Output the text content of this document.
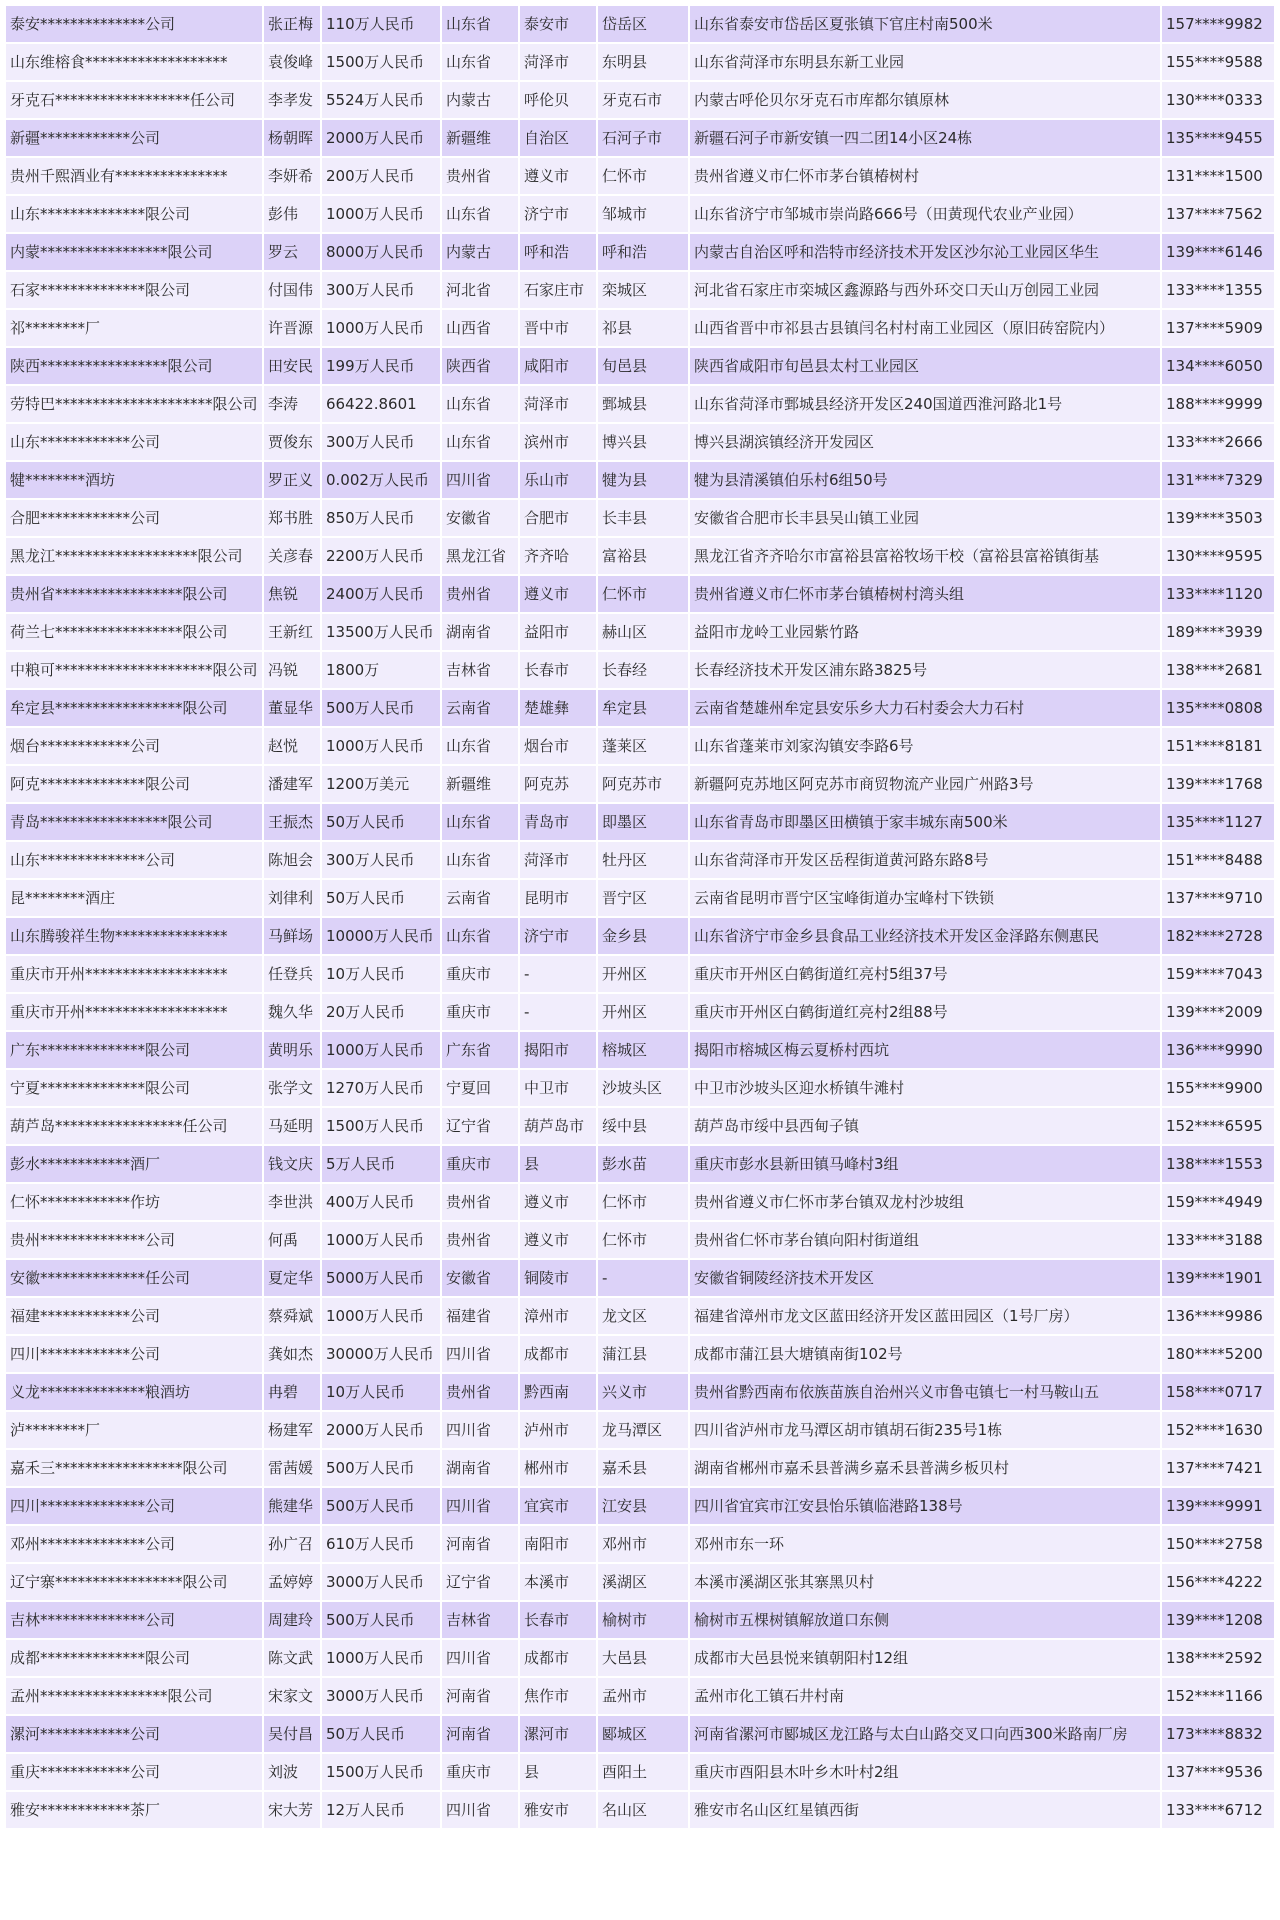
泰安**************公司	张正梅	110万人民币	山东省	泰安市	岱岳区	山东省泰安市岱岳区夏张镇下官庄村南500米	157****9982
山东维榕食*******************	袁俊峰	1500万人民币	山东省	菏泽市	东明县	山东省菏泽市东明县东新工业园	155****9588
牙克石******************任公司	李孝发	5524万人民币	内蒙古	呼伦贝	牙克石市	内蒙古呼伦贝尔牙克石市库都尔镇原林	130****0333
新疆************公司	杨朝晖	2000万人民币	新疆维	自治区	石河子市	新疆石河子市新安镇一四二团14小区24栋	135****9455
贵州千熙酒业有***************	李妍希	200万人民币	贵州省	遵义市	仁怀市	贵州省遵义市仁怀市茅台镇椿树村	131****1500
山东**************限公司	彭伟	1000万人民币	山东省	济宁市	邹城市	山东省济宁市邹城市崇尚路666号（田黄现代农业产业园）	137****7562
内蒙*****************限公司	罗云	8000万人民币	内蒙古	呼和浩	呼和浩	内蒙古自治区呼和浩特市经济技术开发区沙尔沁工业园区华生	139****6146
石家**************限公司	付国伟	300万人民币	河北省	石家庄市	栾城区	河北省石家庄市栾城区鑫源路与西外环交口天山万创园工业园	133****1355
祁********厂	许晋源	1000万人民币	山西省	晋中市	祁县	山西省晋中市祁县古县镇闫名村村南工业园区（原旧砖窑院内）	137****5909
陕西*****************限公司	田安民	199万人民币	陕西省	咸阳市	旬邑县	陕西省咸阳市旬邑县太村工业园区	134****6050
劳特巴*********************限公司	李涛	66422.8601	山东省	菏泽市	鄄城县	山东省菏泽市鄄城县经济开发区240国道西淮河路北1号	188****9999
山东************公司	贾俊东	300万人民币	山东省	滨州市	博兴县	博兴县湖滨镇经济开发园区	133****2666
犍********酒坊	罗正义	0.002万人民币	四川省	乐山市	犍为县	犍为县清溪镇伯乐村6组50号	131****7329
合肥************公司	郑书胜	850万人民币	安徽省	合肥市	长丰县	安徽省合肥市长丰县吴山镇工业园	139****3503
黑龙江*******************限公司	关彦春	2200万人民币	黑龙江省	齐齐哈	富裕县	黑龙江省齐齐哈尔市富裕县富裕牧场干校（富裕县富裕镇街基	130****9595
贵州省*****************限公司	焦锐	2400万人民币	贵州省	遵义市	仁怀市	贵州省遵义市仁怀市茅台镇椿树村湾头组	133****1120
荷兰七*****************限公司	王新红	13500万人民币	湖南省	益阳市	赫山区	益阳市龙岭工业园紫竹路	189****3939
中粮可*********************限公司	冯锐	1800万	吉林省	长春市	长春经	长春经济技术开发区浦东路3825号	138****2681
牟定县*****************限公司	董显华	500万人民币	云南省	楚雄彝	牟定县	云南省楚雄州牟定县安乐乡大力石村委会大力石村	135****0808
烟台************公司	赵悦	1000万人民币	山东省	烟台市	蓬莱区	山东省蓬莱市刘家沟镇安李路6号	151****8181
阿克**************限公司	潘建军	1200万美元	新疆维	阿克苏	阿克苏市	新疆阿克苏地区阿克苏市商贸物流产业园广州路3号	139****1768
青岛*****************限公司	王振杰	50万人民币	山东省	青岛市	即墨区	山东省青岛市即墨区田横镇于家丰城东南500米	135****1127
山东**************公司	陈旭会	300万人民币	山东省	菏泽市	牡丹区	山东省菏泽市开发区岳程街道黄河路东路8号	151****8488
昆********酒庄	刘律利	50万人民币	云南省	昆明市	晋宁区	云南省昆明市晋宁区宝峰街道办宝峰村下铁锁	137****9710
山东腾骏祥生物***************	马鲜场	10000万人民币	山东省	济宁市	金乡县	山东省济宁市金乡县食品工业经济技术开发区金泽路东侧惠民	182****2728
重庆市开州*******************	任登兵	10万人民币	重庆市	-	开州区	重庆市开州区白鹤街道红亮村5组37号	159****7043
重庆市开州*******************	魏久华	20万人民币	重庆市	-	开州区	重庆市开州区白鹤街道红亮村2组88号	139****2009
广东**************限公司	黄明乐	1000万人民币	广东省	揭阳市	榕城区	揭阳市榕城区梅云夏桥村西坑	136****9990
宁夏**************限公司	张学文	1270万人民币	宁夏回	中卫市	沙坡头区	中卫市沙坡头区迎水桥镇牛滩村	155****9900
葫芦岛*****************任公司	马延明	1500万人民币	辽宁省	葫芦岛市	绥中县	葫芦岛市绥中县西甸子镇	152****6595
彭水************酒厂	钱文庆	5万人民币	重庆市	县	彭水苗	重庆市彭水县新田镇马峰村3组	138****1553
仁怀************作坊	李世洪	400万人民币	贵州省	遵义市	仁怀市	贵州省遵义市仁怀市茅台镇双龙村沙坡组	159****4949
贵州**************公司	何禹	1000万人民币	贵州省	遵义市	仁怀市	贵州省仁怀市茅台镇向阳村街道组	133****3188
安徽**************任公司	夏定华	5000万人民币	安徽省	铜陵市	-	安徽省铜陵经济技术开发区	139****1901
福建************公司	蔡舜斌	1000万人民币	福建省	漳州市	龙文区	福建省漳州市龙文区蓝田经济开发区蓝田园区（1号厂房）	136****9986
四川************公司	龚如杰	30000万人民币	四川省	成都市	蒲江县	成都市蒲江县大塘镇南街102号	180****5200
义龙**************粮酒坊	冉碧	10万人民币	贵州省	黔西南	兴义市	贵州省黔西南布依族苗族自治州兴义市鲁屯镇七一村马鞍山五	158****0717
泸********厂	杨建军	2000万人民币	四川省	泸州市	龙马潭区	四川省泸州市龙马潭区胡市镇胡石街235号1栋	152****1630
嘉禾三*****************限公司	雷茜媛	500万人民币	湖南省	郴州市	嘉禾县	湖南省郴州市嘉禾县普满乡嘉禾县普满乡板贝村	137****7421
四川**************公司	熊建华	500万人民币	四川省	宜宾市	江安县	四川省宜宾市江安县怡乐镇临港路138号	139****9991
邓州**************公司	孙广召	610万人民币	河南省	南阳市	邓州市	邓州市东一环	150****2758
辽宁寨*****************限公司	孟婷婷	3000万人民币	辽宁省	本溪市	溪湖区	本溪市溪湖区张其寨黑贝村	156****4222
吉林**************公司	周建玲	500万人民币	吉林省	长春市	榆树市	榆树市五棵树镇解放道口东侧	139****1208
成都**************限公司	陈文武	1000万人民币	四川省	成都市	大邑县	成都市大邑县悦来镇朝阳村12组	138****2592
孟州*****************限公司	宋家文	3000万人民币	河南省	焦作市	孟州市	孟州市化工镇石井村南	152****1166
漯河************公司	吴付昌	50万人民币	河南省	漯河市	郾城区	河南省漯河市郾城区龙江路与太白山路交叉口向西300米路南厂房	173****8832
重庆************公司	刘波	1500万人民币	重庆市	县	酉阳土	重庆市酉阳县木叶乡木叶村2组	137****9536
雅安************茶厂	宋大芳	12万人民币	四川省	雅安市	名山区	雅安市名山区红星镇西街	133****6712
